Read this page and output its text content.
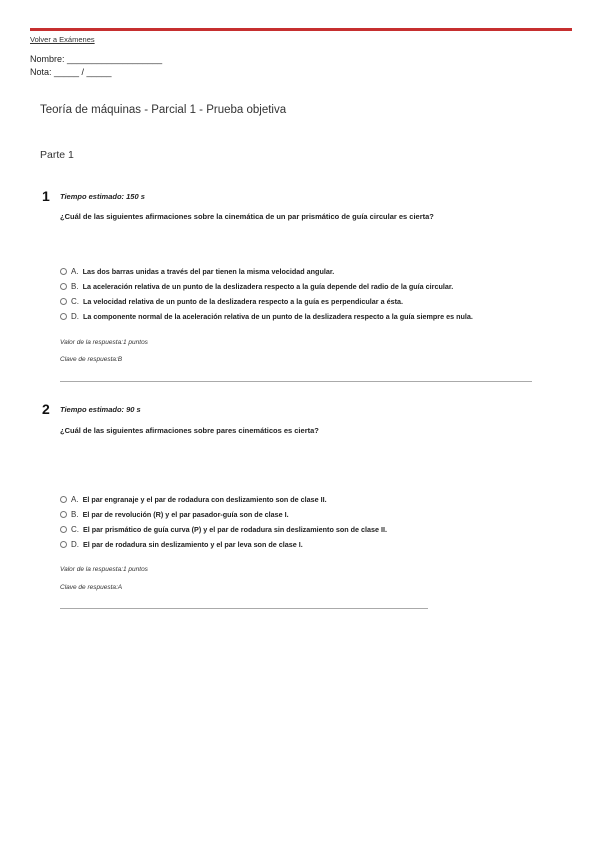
Volver a Exámenes
Nombre: ___________________
Nota: _____ / _____
Teoría de máquinas - Parcial 1 - Prueba objetiva
Parte 1
1 Tiempo estimado: 150 s
¿Cuál de las siguientes afirmaciones sobre la cinemática de un par prismático de guía circular es cierta?
A. Las dos barras unidas a través del par tienen la misma velocidad angular.
B. La aceleración relativa de un punto de la deslizadera respecto a la guía depende del radio de la guía circular.
C. La velocidad relativa de un punto de la deslizadera respecto a la guía es perpendicular a ésta.
D. La componente normal de la aceleración relativa de un punto de la deslizadera respecto a la guía siempre es nula.
Valor de la respuesta:1 puntos
Clave de respuesta:B
2 Tiempo estimado: 90 s
¿Cuál de las siguientes afirmaciones sobre pares cinemáticos es cierta?
A. El par engranaje y el par de rodadura con deslizamiento son de clase II.
B. El par de revolución (R) y el par pasador-guía son de clase I.
C. El par prismático de guía curva (P) y el par de rodadura sin deslizamiento son de clase II.
D. El par de rodadura sin deslizamiento y el par leva son de clase I.
Valor de la respuesta:1 puntos
Clave de respuesta:A
